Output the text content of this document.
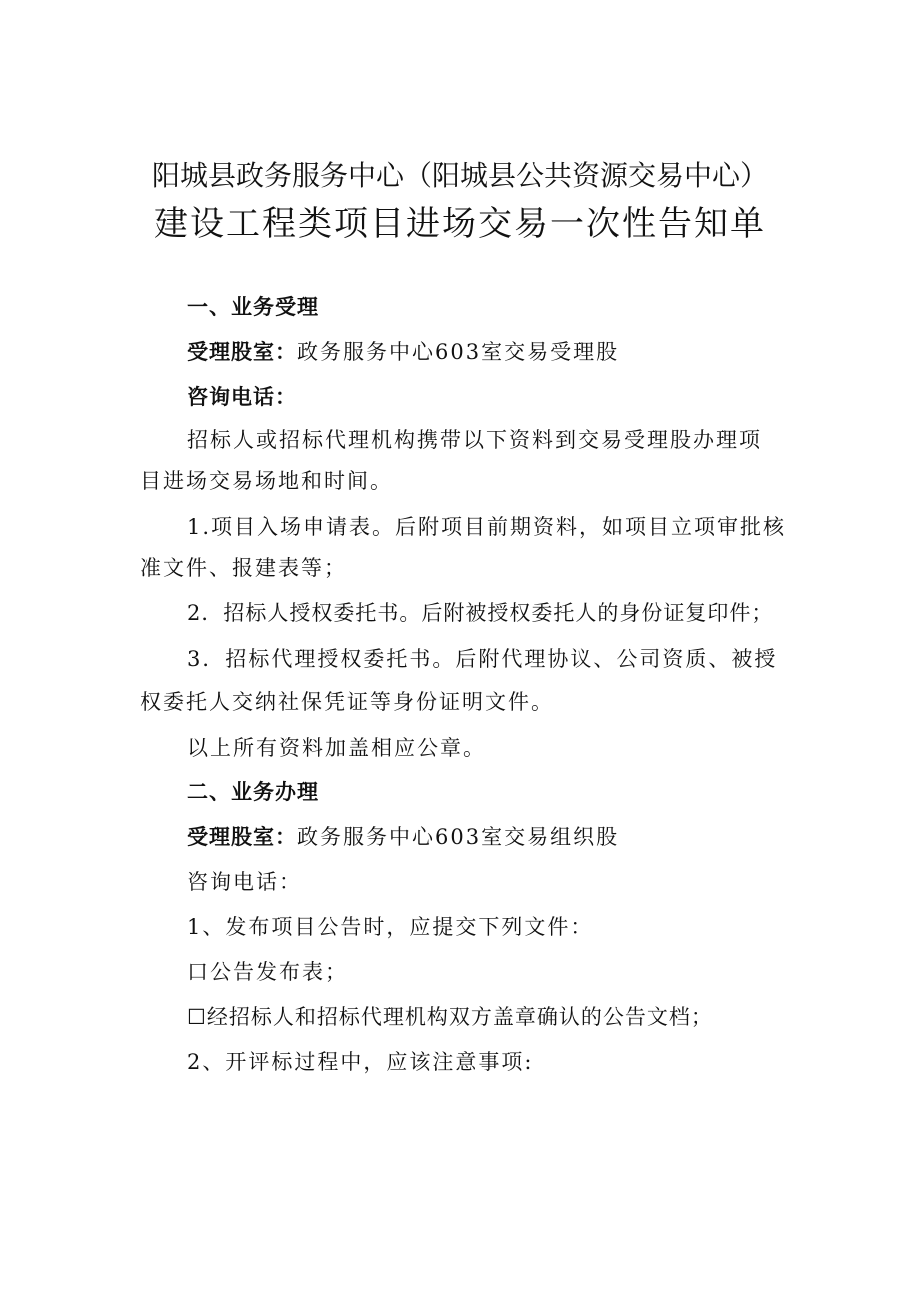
阳城县政务服务中心（阳城县公共资源交易中心）
建设工程类项目进场交易一次性告知单
一、业务受理
受理股室：政务服务中心603室交易受理股
咨询电话：
招标人或招标代理机构携带以下资料到交易受理股办理项
目进场交易场地和时间。
1.项目入场申请表。后附项目前期资料，如项目立项审批核
准文件、报建表等；
2．招标人授权委托书。后附被授权委托人的身份证复印件；
3．招标代理授权委托书。后附代理协议、公司资质、被授
权委托人交纳社保凭证等身份证明文件。
以上所有资料加盖相应公章。
二、业务办理
受理股室：政务服务中心603室交易组织股
咨询电话：
1、发布项目公告时，应提交下列文件：
口公告发布表；
☐经招标人和招标代理机构双方盖章确认的公告文档；
2、开评标过程中，应该注意事项:
